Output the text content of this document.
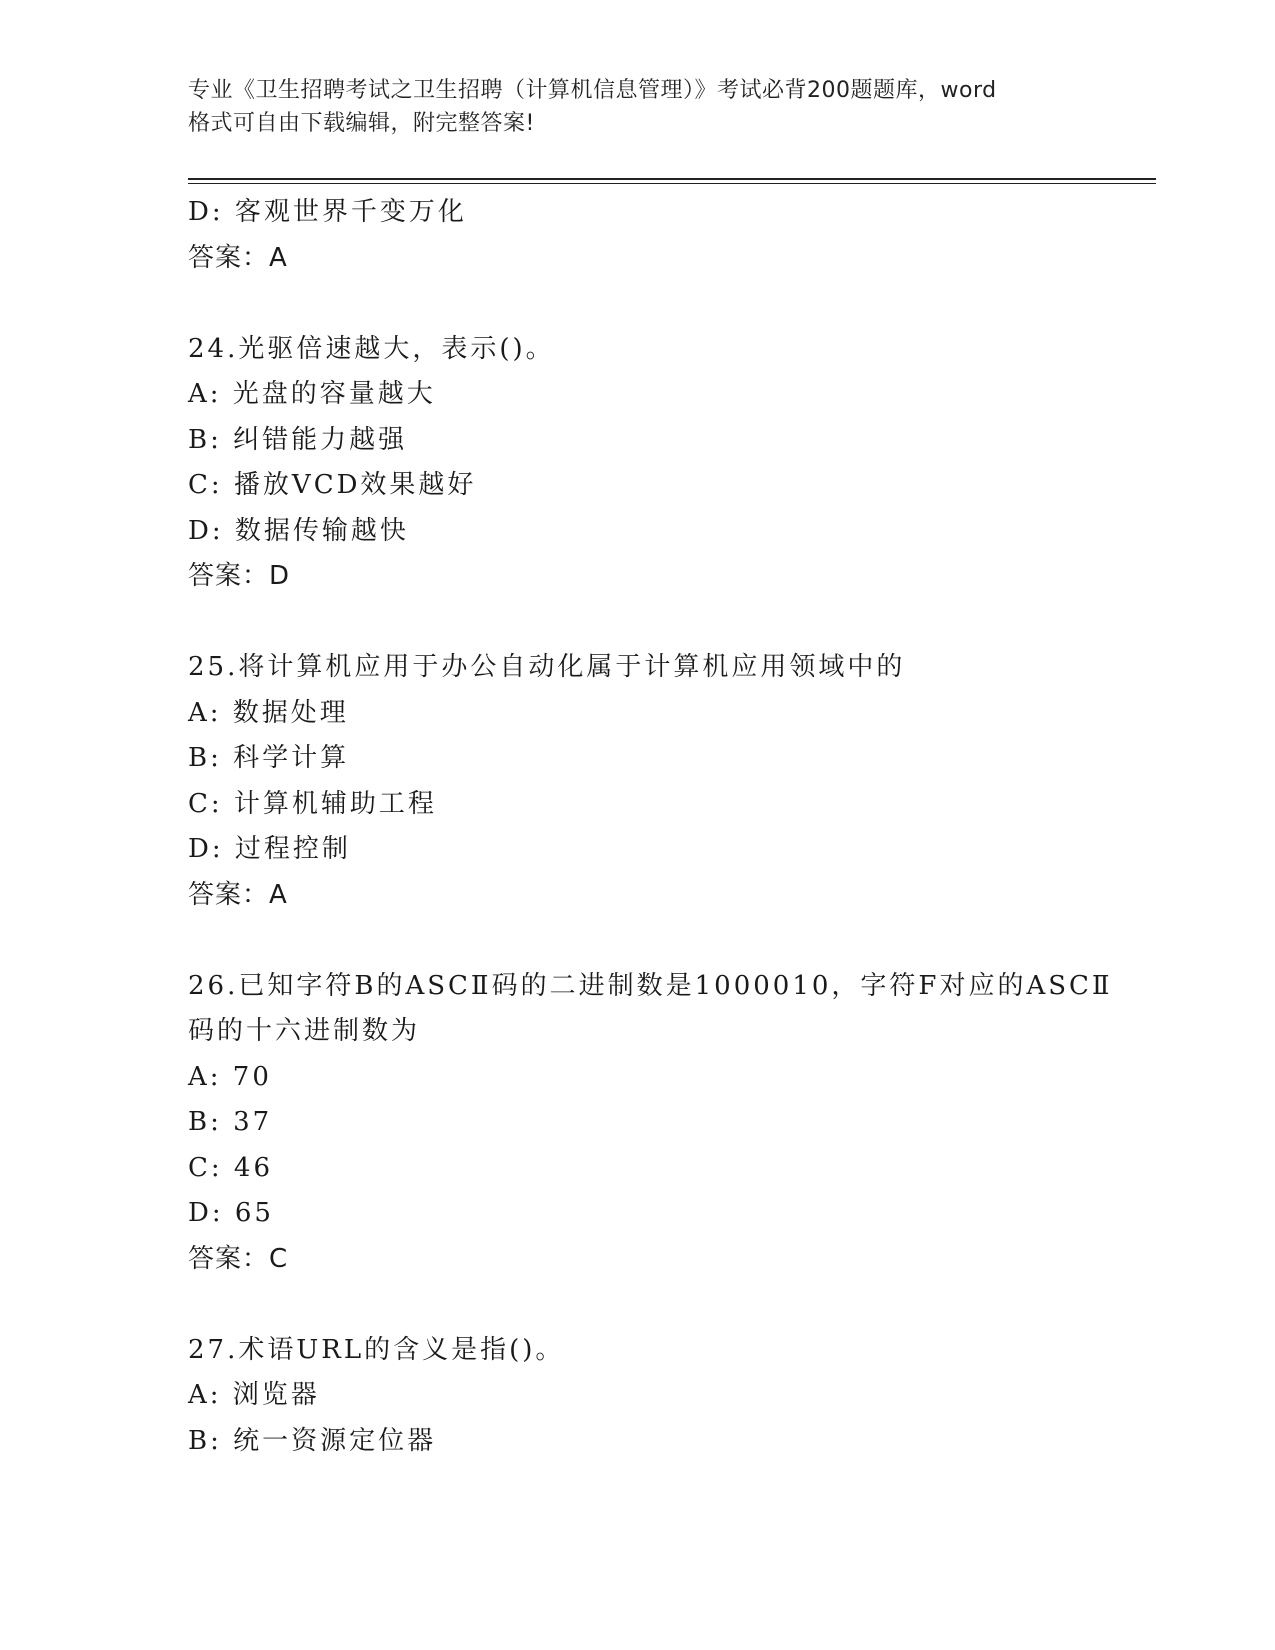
专业《卫生招聘考试之卫生招聘（计算机信息管理）》考试必背200题题库，word
格式可自由下载编辑，附完整答案!
D: 客观世界千变万化
答案：A
24.光驱倍速越大，表示()。
A: 光盘的容量越大
B: 纠错能力越强
C: 播放VCD效果越好
D: 数据传输越快
答案：D
25.将计算机应用于办公自动化属于计算机应用领域中的
A: 数据处理
B: 科学计算
C: 计算机辅助工程
D: 过程控制
答案：A
26.已知字符B的ASCⅡ码的二进制数是1000010，字符F对应的ASCⅡ
码的十六进制数为
A: 70
B: 37
C: 46
D: 65
答案：C
27.术语URL的含义是指()。
A: 浏览器
B: 统一资源定位器
